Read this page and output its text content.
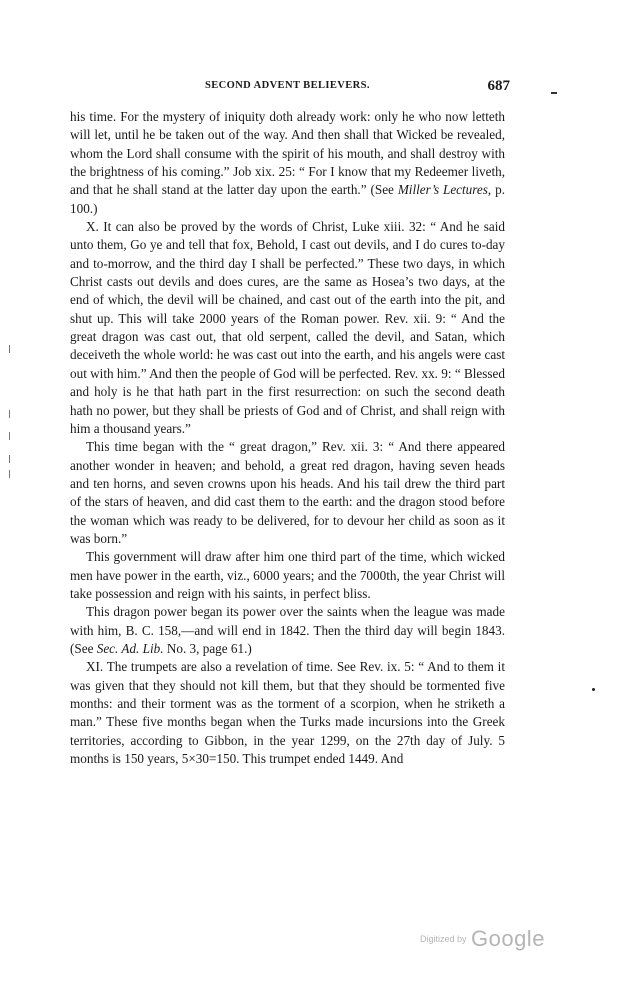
SECOND ADVENT BELIEVERS.	687

his time. For the mystery of iniquity doth already work: only he who now letteth will let, until he be taken out of the way. And then shall that Wicked be revealed, whom the Lord shall consume with the spirit of his mouth, and shall destroy with the brightness of his coming.” Job xix. 25: “ For I know that my Redeemer liveth, and that he shall stand at the latter day upon the earth.” (See Miller’s Lectures, p. 100.)

X. It can also be proved by the words of Christ, Luke xiii. 32: “ And he said unto them, Go ye and tell that fox, Behold, I cast out devils, and I do cures to-day and to-morrow, and the third day I shall be perfected.” These two days, in which Christ casts out devils and does cures, are the same as Hosea’s two days, at the end of which, the devil will be chained, and cast out of the earth into the pit, and shut up. This will take 2000 years of the Roman power. Rev. xii. 9: “ And the great dragon was cast out, that old serpent, called the devil, and Satan, which deceiveth the whole world: he was cast out into the earth, and his angels were cast out with him.” And then the people of God will be perfected. Rev. xx. 9: “ Blessed and holy is he that hath part in the first resurrection: on such the second death hath no power, but they shall be priests of God and of Christ, and shall reign with him a thousand years.”

This time began with the “ great dragon,” Rev. xii. 3: “ And there appeared another wonder in heaven; and behold, a great red dragon, having seven heads and ten horns, and seven crowns upon his heads. And his tail drew the third part of the stars of heaven, and did cast them to the earth: and the dragon stood before the woman which was ready to be delivered, for to devour her child as soon as it was born.”

This government will draw after him one third part of the time, which wicked men have power in the earth, viz., 6000 years; and the 7000th, the year Christ will take possession and reign with his saints, in perfect bliss.

This dragon power began its power over the saints when the league was made with him, B. C. 158,—and will end in 1842. Then the third day will begin 1843. (See Sec. Ad. Lib. No. 3, page 61.)

XI. The trumpets are also a revelation of time. See Rev. ix. 5: “ And to them it was given that they should not kill them, but that they should be tormented five months: and their torment was as the torment of a scorpion, when he striketh a man.” These five months began when the Turks made incursions into the Greek territories, according to Gibbon, in the year 1299, on the 27th day of July. 5 months is 150 years, 5×30=150. This trumpet ended 1449. And

Digitized by Google
